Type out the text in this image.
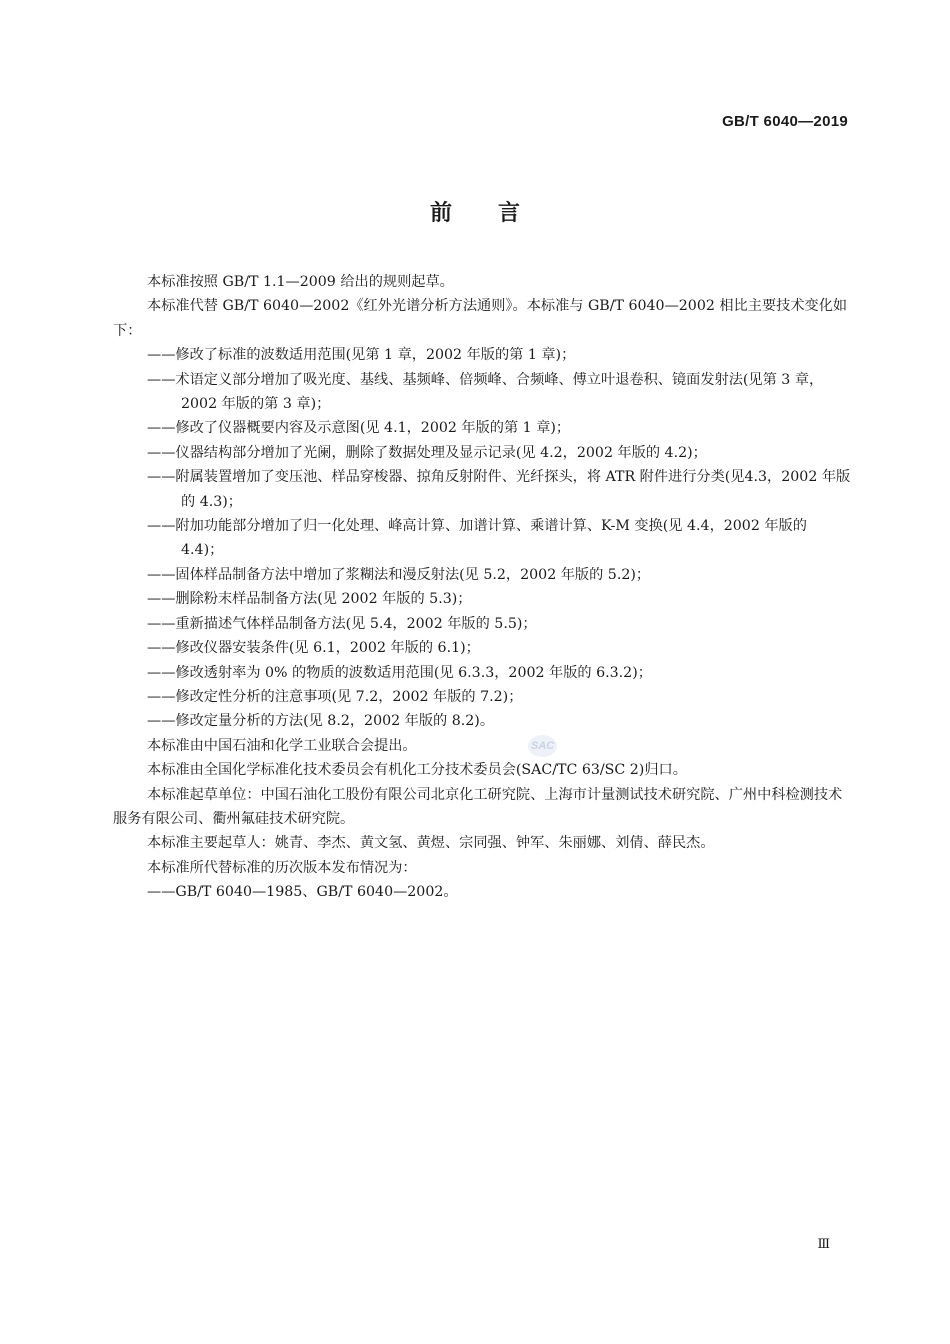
GB/T 6040—2019
前言

本标准按照 GB/T 1.1—2009 给出的规则起草。

本标准代替 GB/T 6040—2002《红外光谱分析方法通则》。本标准与 GB/T 6040—2002 相比主要技术变化如下：

——修改了标准的波数适用范围(见第 1 章，2002 年版的第 1 章)；

——术语定义部分增加了吸光度、基线、基频峰、倍频峰、合频峰、傅立叶退卷积、镜面发射法(见第 3 章，2002 年版的第 3 章)；

——修改了仪器概要内容及示意图(见 4.1，2002 年版的第 1 章)；

——仪器结构部分增加了光阑，删除了数据处理及显示记录(见 4.2，2002 年版的 4.2)；

——附属装置增加了变压池、样品穿梭器、掠角反射附件、光纤探头，将 ATR 附件进行分类(见4.3，2002 年版的 4.3)；

——附加功能部分增加了归一化处理、峰高计算、加谱计算、乘谱计算、K-M 变换(见 4.4，2002 年版的 4.4)；

——固体样品制备方法中增加了浆糊法和漫反射法(见 5.2，2002 年版的 5.2)；

——删除粉末样品制备方法(见 2002 年版的 5.3)；

——重新描述气体样品制备方法(见 5.4，2002 年版的 5.5)；

——修改仪器安装条件(见 6.1，2002 年版的 6.1)；

——修改透射率为 0% 的物质的波数适用范围(见 6.3.3，2002 年版的 6.3.2)；

——修改定性分析的注意事项(见 7.2，2002 年版的 7.2)；

——修改定量分析的方法(见 8.2，2002 年版的 8.2)。

本标准由中国石油和化学工业联合会提出。

本标准由全国化学标准化技术委员会有机化工分技术委员会(SAC/TC 63/SC 2)归口。

本标准起草单位：中国石油化工股份有限公司北京化工研究院、上海市计量测试技术研究院、广州中科检测技术服务有限公司、衢州氟硅技术研究院。

本标准主要起草人：姚青、李杰、黄文氢、黄煜、宗同强、钟军、朱丽娜、刘倩、薛民杰。

本标准所代替标准的历次版本发布情况为：

——GB/T 6040—1985、GB/T 6040—2002。

SAC
Ⅲ
